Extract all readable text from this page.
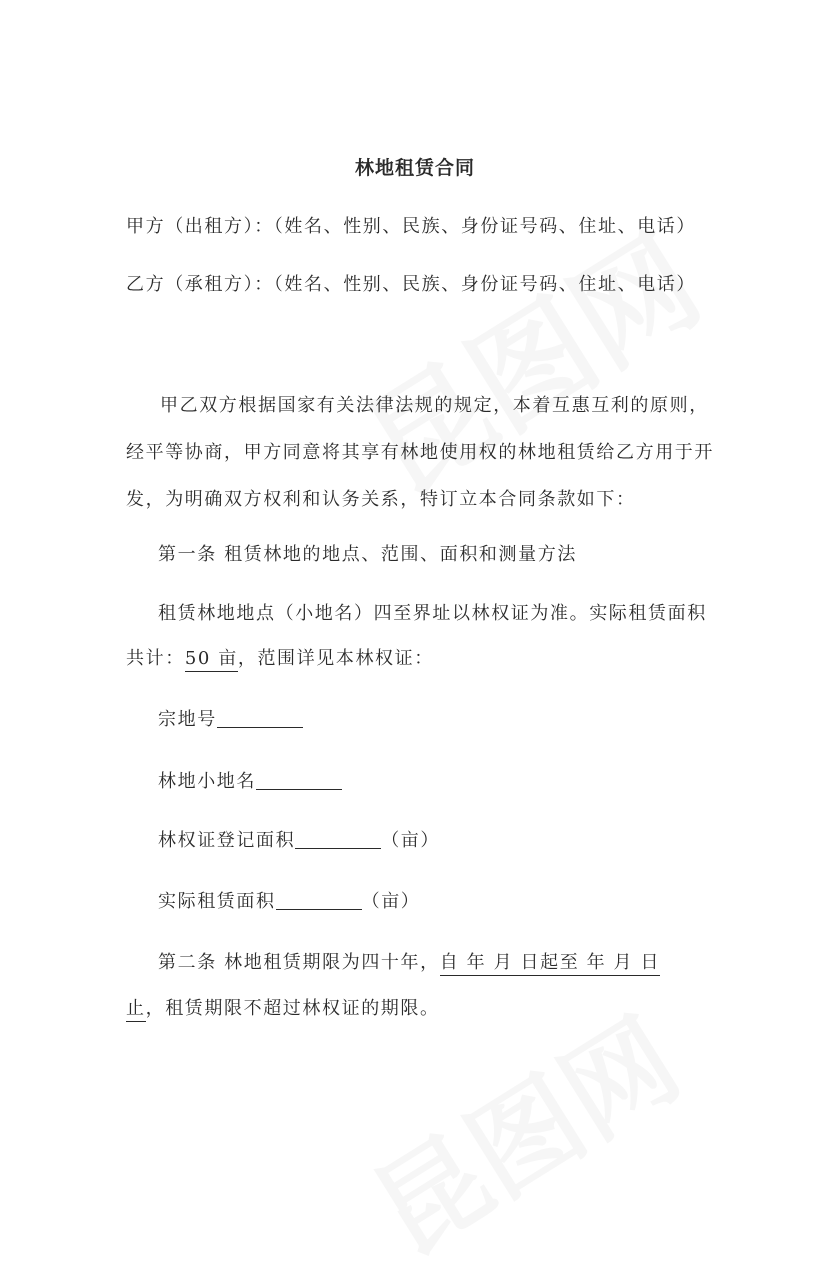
林地租赁合同
甲方（出租方）：（姓名、性别、民族、身份证号码、住址、电话）
乙方（承租方）：（姓名、性别、民族、身份证号码、住址、电话）
甲乙双方根据国家有关法律法规的规定，本着互惠互利的原则，
经平等协商，甲方同意将其享有林地使用权的林地租赁给乙方用于开
发，为明确双方权利和认务关系，特订立本合同条款如下：
第一条 租赁林地的地点、范围、面积和测量方法
租赁林地地点（小地名）四至界址以林权证为准。实际租赁面积
共计：50 亩，范围详见本林权证：
宗地号
林地小地名
林权证登记面积	（亩）
实际租赁面积	（亩）
第二条 林地租赁期限为四十年，自 年 月 日起至 年 月 日
止，租赁期限不超过林权证的期限。
